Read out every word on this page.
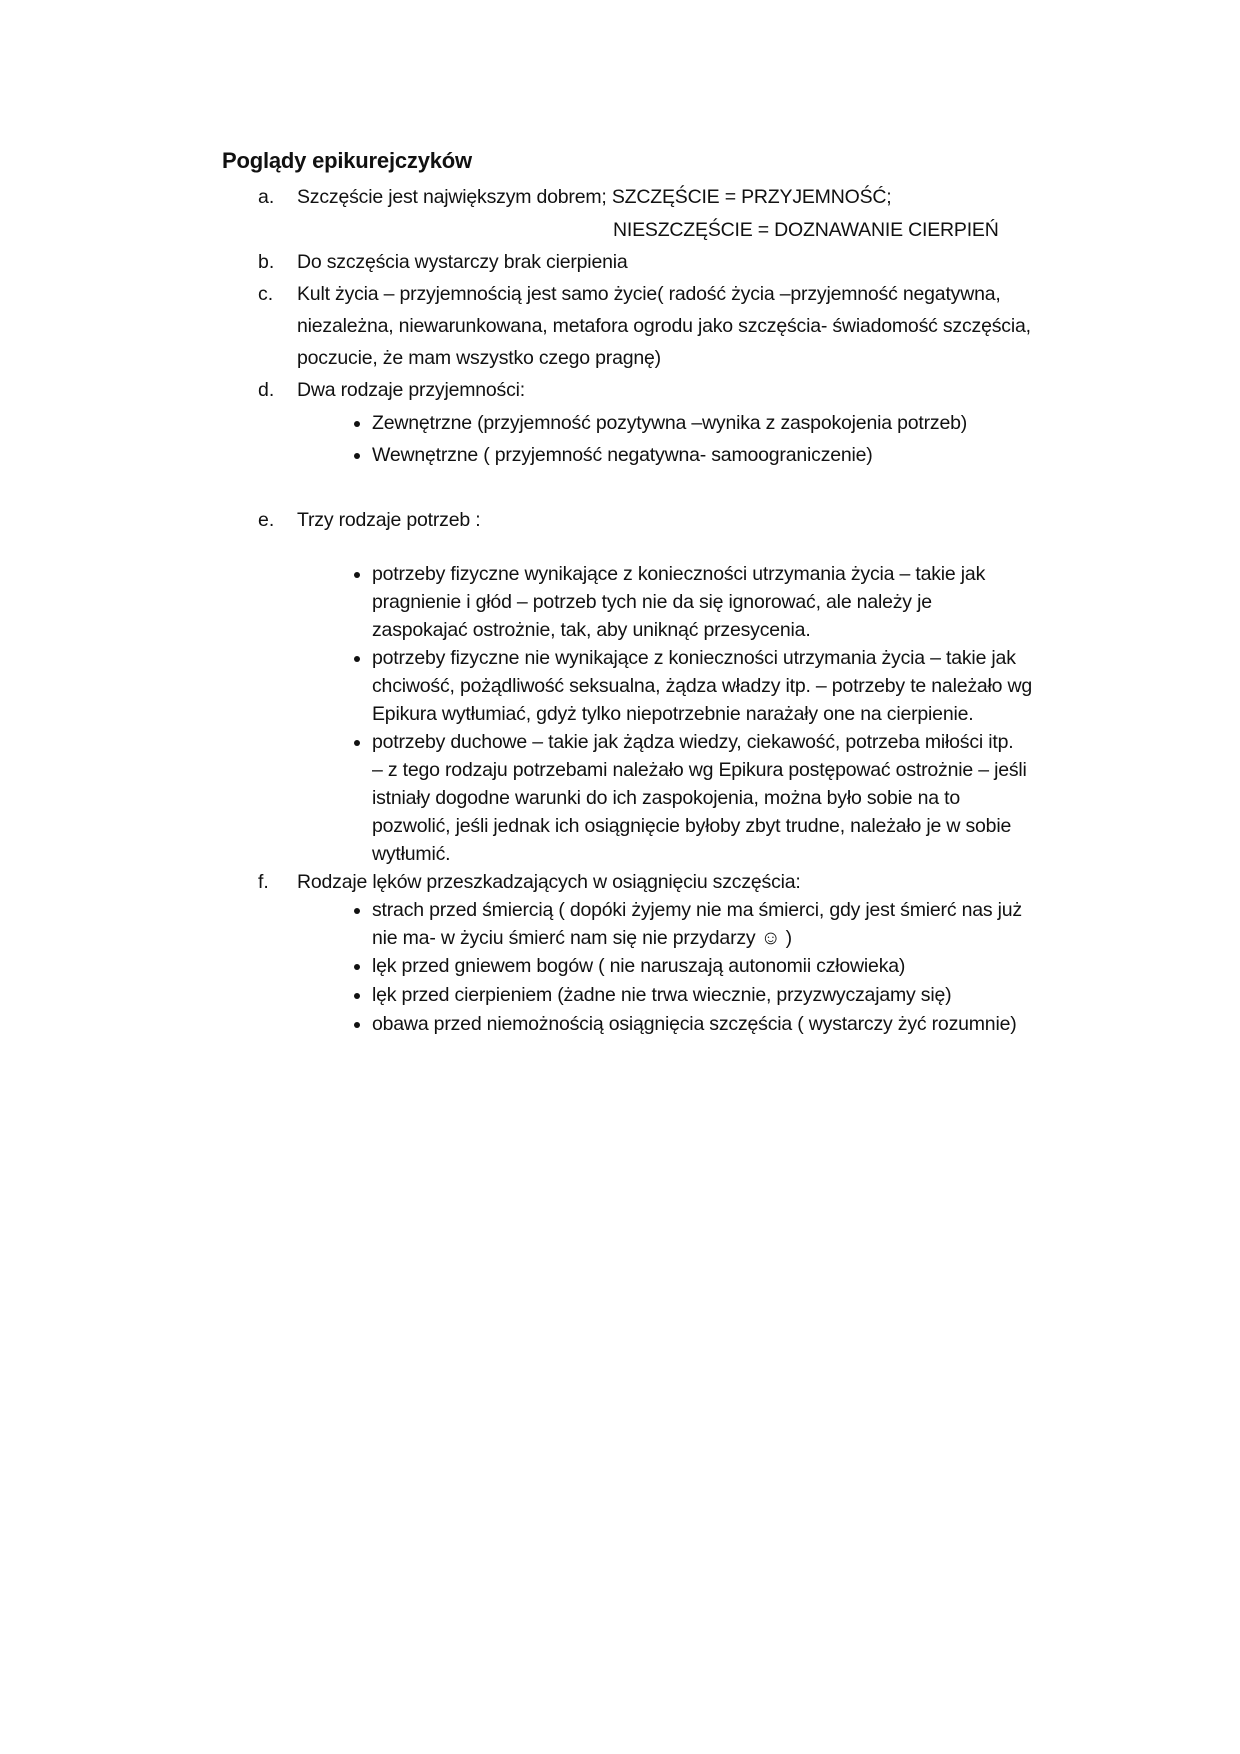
Poglądy epikurejczyków
a. Szczęście jest największym dobrem; SZCZĘŚCIE = PRZYJEMNOŚĆ;
NIESZCZĘŚCIE = DOZNAWANIE CIERPIEŃ
b. Do szczęścia wystarczy brak cierpienia
c. Kult życia – przyjemnością jest samo życie( radość życia –przyjemność negatywna,
niezależna, niewarunkowana, metafora ogrodu jako szczęścia- świadomość szczęścia,
poczucie, że mam wszystko czego pragnę)
d. Dwa rodzaje przyjemności:
Zewnętrzne (przyjemność pozytywna –wynika z zaspokojenia potrzeb)
Wewnętrzne ( przyjemność negatywna- samoograniczenie)
e. Trzy rodzaje potrzeb :
potrzeby fizyczne wynikające z konieczności utrzymania życia – takie jak
pragnienie i głód – potrzeb tych nie da się ignorować, ale należy je
zaspokajać ostrożnie, tak, aby uniknąć przesycenia.
potrzeby fizyczne nie wynikające z konieczności utrzymania życia – takie jak
chciwość, pożądliwość seksualna, żądza władzy itp. – potrzeby te należało wg
Epikura wytłumiać, gdyż tylko niepotrzebnie narażały one na cierpienie.
potrzeby duchowe – takie jak żądza wiedzy, ciekawość, potrzeba miłości itp.
– z tego rodzaju potrzebami należało wg Epikura postępować ostrożnie – jeśli
istniały dogodne warunki do ich zaspokojenia, można było sobie na to
pozwolić, jeśli jednak ich osiągnięcie byłoby zbyt trudne, należało je w sobie
wytłumić.
f. Rodzaje lęków przeszkadzających w osiągnięciu szczęścia:
strach przed śmiercią ( dopóki żyjemy nie ma śmierci, gdy jest śmierć nas już
nie ma- w życiu śmierć nam się nie przydarzy ☺ )
lęk przed gniewem bogów ( nie naruszają autonomii człowieka)
lęk przed cierpieniem (żadne nie trwa wiecznie, przyzwyczajamy się)
obawa przed niemożnością osiągnięcia szczęścia ( wystarczy żyć rozumnie)
